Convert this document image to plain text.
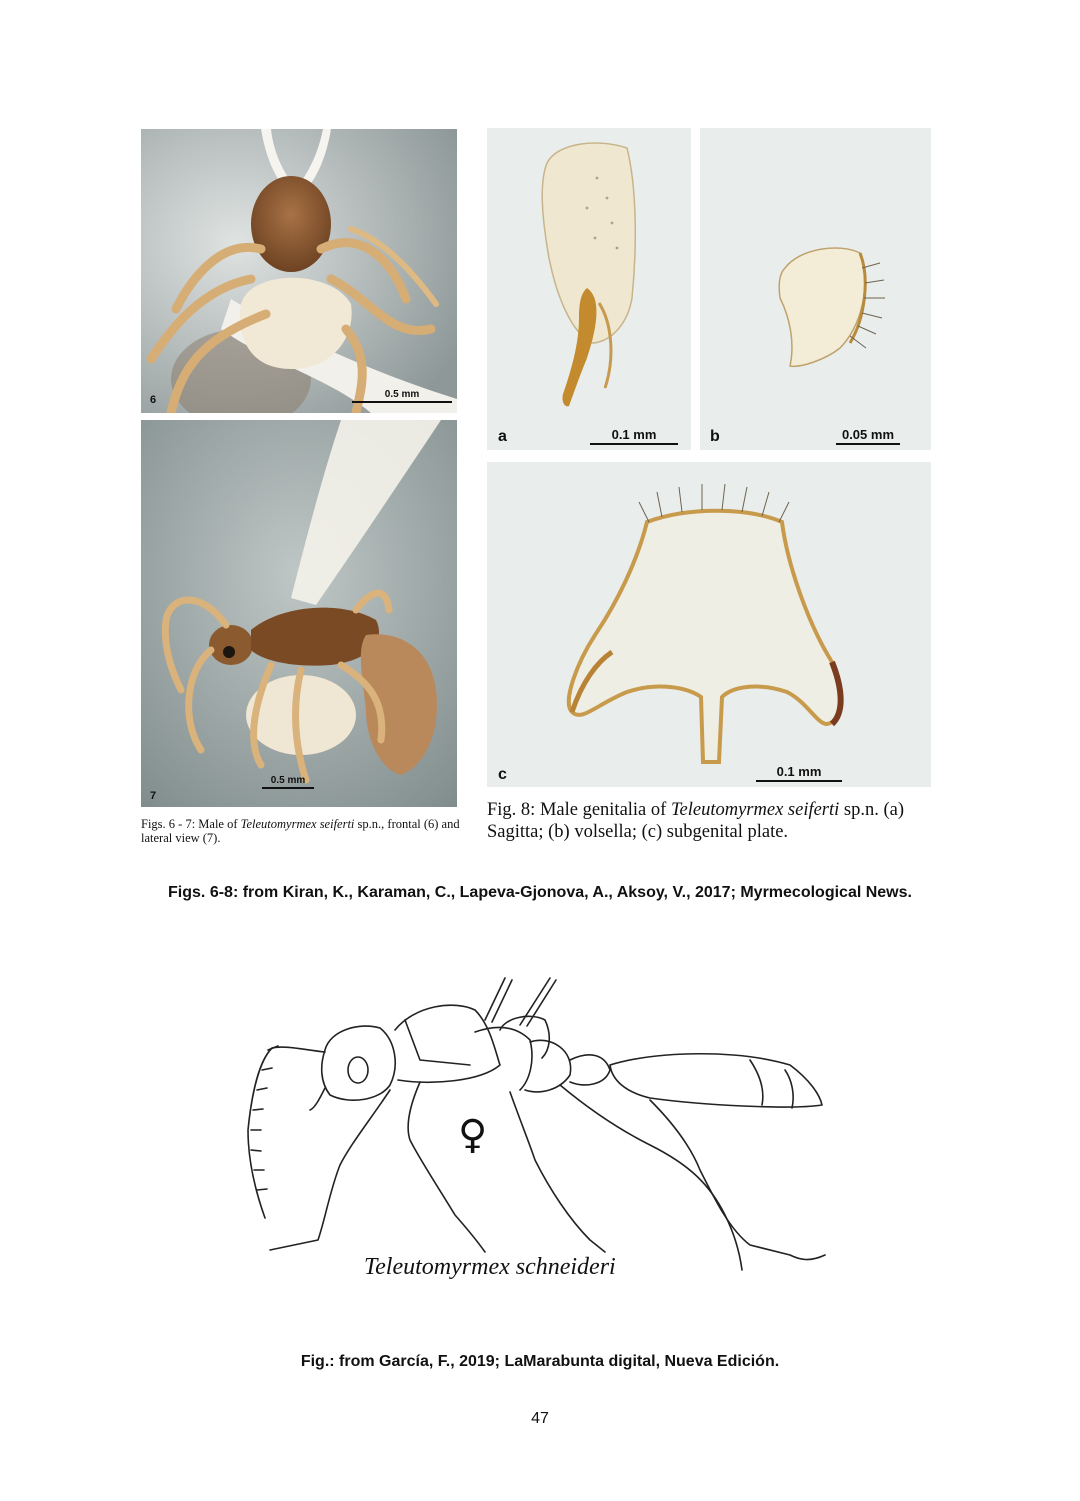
6	0.5 mm
7
0.5 mm
Figs. 6 - 7: Male of Teleutomyrmex seiferti sp.n., frontal (6) and lateral view (7).
a	0.1 mm	b	0.05 mm
c	0.1 mm
Fig. 8: Male genitalia of Teleutomyrmex seiferti sp.n. (a) Sagitta; (b) volsella; (c) subgenital plate.
Figs. 6-8: from Kiran, K., Karaman, C., Lapeva-Gjonova, A., Aksoy, V., 2017; Myrmecological News.
♀
Teleutomyrmex schneideri
Fig.: from García, F., 2019; LaMarabunta digital, Nueva Edición.
47
